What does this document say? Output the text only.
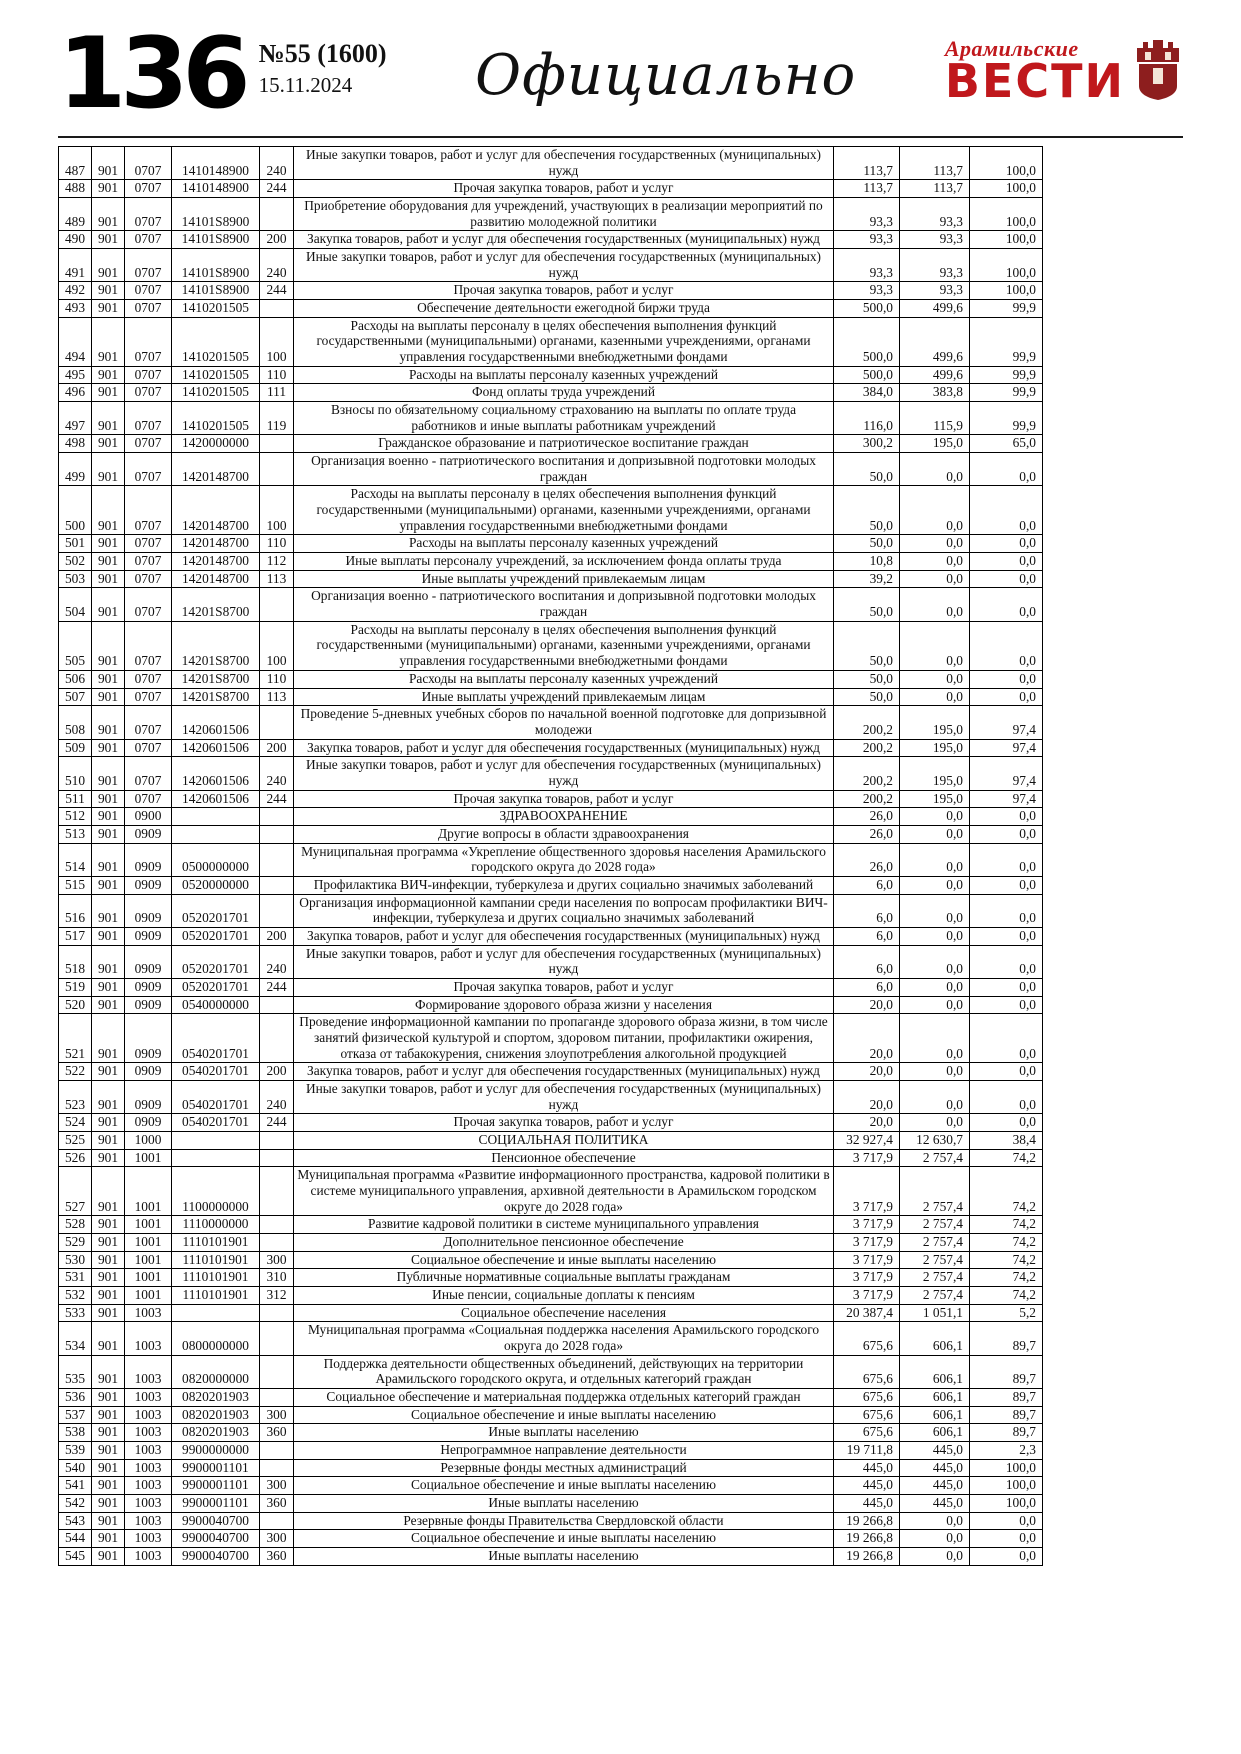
136 №55 (1600)
15.11.2024	Официально	Арамильские
ВЕСТИ
487	901	0707	1410148900	240	Иные закупки товаров, работ и услуг для обеспечения государственных (муниципальных) нужд	113,7	113,7	100,0
488	901	0707	1410148900	244	Прочая закупка товаров, работ и услуг	113,7	113,7	100,0
489	901	0707	14101S8900		Приобретение оборудования для учреждений, участвующих в реализации мероприятий по развитию молодежной политики	93,3	93,3	100,0
490	901	0707	14101S8900	200	Закупка товаров, работ и услуг для обеспечения государственных (муниципальных) нужд	93,3	93,3	100,0
491	901	0707	14101S8900	240	Иные закупки товаров, работ и услуг для обеспечения государственных (муниципальных) нужд	93,3	93,3	100,0
492	901	0707	14101S8900	244	Прочая закупка товаров, работ и услуг	93,3	93,3	100,0
493	901	0707	1410201505		Обеспечение деятельности ежегодной биржи труда	500,0	499,6	99,9
494	901	0707	1410201505	100	Расходы на выплаты персоналу в целях обеспечения выполнения функций государственными (муниципальными) органами, казенными учреждениями, органами управления государственными внебюджетными фондами	500,0	499,6	99,9
495	901	0707	1410201505	110	Расходы на выплаты персоналу казенных учреждений	500,0	499,6	99,9
496	901	0707	1410201505	111	Фонд оплаты труда учреждений	384,0	383,8	99,9
497	901	0707	1410201505	119	Взносы по обязательному социальному страхованию на выплаты по оплате труда работников и иные выплаты работникам учреждений	116,0	115,9	99,9
498	901	0707	1420000000		Гражданское образование и патриотическое воспитание граждан	300,2	195,0	65,0
499	901	0707	1420148700		Организация военно - патриотического воспитания и допризывной подготовки молодых граждан	50,0	0,0	0,0
500	901	0707	1420148700	100	Расходы на выплаты персоналу в целях обеспечения выполнения функций государственными (муниципальными) органами, казенными учреждениями, органами управления государственными внебюджетными фондами	50,0	0,0	0,0
501	901	0707	1420148700	110	Расходы на выплаты персоналу казенных учреждений	50,0	0,0	0,0
502	901	0707	1420148700	112	Иные выплаты персоналу учреждений, за исключением фонда оплаты труда	10,8	0,0	0,0
503	901	0707	1420148700	113	Иные выплаты учреждений привлекаемым лицам	39,2	0,0	0,0
504	901	0707	14201S8700		Организация военно - патриотического воспитания и допризывной подготовки молодых граждан	50,0	0,0	0,0
505	901	0707	14201S8700	100	Расходы на выплаты персоналу в целях обеспечения выполнения функций государственными (муниципальными) органами, казенными учреждениями, органами управления государственными внебюджетными фондами	50,0	0,0	0,0
506	901	0707	14201S8700	110	Расходы на выплаты персоналу казенных учреждений	50,0	0,0	0,0
507	901	0707	14201S8700	113	Иные выплаты учреждений привлекаемым лицам	50,0	0,0	0,0
508	901	0707	1420601506		Проведение 5-дневных учебных сборов по начальной военной подготовке для допризывной молодежи	200,2	195,0	97,4
509	901	0707	1420601506	200	Закупка товаров, работ и услуг для обеспечения государственных (муниципальных) нужд	200,2	195,0	97,4
510	901	0707	1420601506	240	Иные закупки товаров, работ и услуг для обеспечения государственных (муниципальных) нужд	200,2	195,0	97,4
511	901	0707	1420601506	244	Прочая закупка товаров, работ и услуг	200,2	195,0	97,4
512	901	0900			ЗДРАВООХРАНЕНИЕ	26,0	0,0	0,0
513	901	0909			Другие вопросы в области здравоохранения	26,0	0,0	0,0
514	901	0909	0500000000		Муниципальная программа «Укрепление общественного здоровья населения Арамильского городского округа до 2028 года»	26,0	0,0	0,0
515	901	0909	0520000000		Профилактика ВИЧ-инфекции, туберкулеза и других социально значимых заболеваний	6,0	0,0	0,0
516	901	0909	0520201701		Организация информационной кампании среди населения по вопросам профилактики ВИЧ-инфекции, туберкулеза и других социально значимых заболеваний	6,0	0,0	0,0
517	901	0909	0520201701	200	Закупка товаров, работ и услуг для обеспечения государственных (муниципальных) нужд	6,0	0,0	0,0
518	901	0909	0520201701	240	Иные закупки товаров, работ и услуг для обеспечения государственных (муниципальных) нужд	6,0	0,0	0,0
519	901	0909	0520201701	244	Прочая закупка товаров, работ и услуг	6,0	0,0	0,0
520	901	0909	0540000000		Формирование здорового образа жизни у населения	20,0	0,0	0,0
521	901	0909	0540201701		Проведение информационной кампании по пропаганде здорового образа жизни, в том числе занятий физической культурой и спортом, здоровом питании, профилактики ожирения, отказа от табакокурения, снижения злоупотребления алкогольной продукцией	20,0	0,0	0,0
522	901	0909	0540201701	200	Закупка товаров, работ и услуг для обеспечения государственных (муниципальных) нужд	20,0	0,0	0,0
523	901	0909	0540201701	240	Иные закупки товаров, работ и услуг для обеспечения государственных (муниципальных) нужд	20,0	0,0	0,0
524	901	0909	0540201701	244	Прочая закупка товаров, работ и услуг	20,0	0,0	0,0
525	901	1000			СОЦИАЛЬНАЯ ПОЛИТИКА	32 927,4	12 630,7	38,4
526	901	1001			Пенсионное обеспечение	3 717,9	2 757,4	74,2
527	901	1001	1100000000		Муниципальная программа «Развитие информационного пространства, кадровой политики в системе муниципального управления, архивной деятельности в Арамильском городском округе до 2028 года»	3 717,9	2 757,4	74,2
528	901	1001	1110000000		Развитие кадровой политики в системе муниципального управления	3 717,9	2 757,4	74,2
529	901	1001	1110101901		Дополнительное пенсионное обеспечение	3 717,9	2 757,4	74,2
530	901	1001	1110101901	300	Социальное обеспечение и иные выплаты населению	3 717,9	2 757,4	74,2
531	901	1001	1110101901	310	Публичные нормативные социальные выплаты гражданам	3 717,9	2 757,4	74,2
532	901	1001	1110101901	312	Иные пенсии, социальные доплаты к пенсиям	3 717,9	2 757,4	74,2
533	901	1003			Социальное обеспечение населения	20 387,4	1 051,1	5,2
534	901	1003	0800000000		Муниципальная программа «Социальная поддержка населения Арамильского городского округа до 2028 года»	675,6	606,1	89,7
535	901	1003	0820000000		Поддержка деятельности общественных объединений, действующих на территории Арамильского городского округа, и отдельных категорий граждан	675,6	606,1	89,7
536	901	1003	0820201903		Социальное обеспечение и материальная поддержка отдельных категорий граждан	675,6	606,1	89,7
537	901	1003	0820201903	300	Социальное обеспечение и иные выплаты населению	675,6	606,1	89,7
538	901	1003	0820201903	360	Иные выплаты населению	675,6	606,1	89,7
539	901	1003	9900000000		Непрограммное направление деятельности	19 711,8	445,0	2,3
540	901	1003	9900001101		Резервные фонды местных администраций	445,0	445,0	100,0
541	901	1003	9900001101	300	Социальное обеспечение и иные выплаты населению	445,0	445,0	100,0
542	901	1003	9900001101	360	Иные выплаты населению	445,0	445,0	100,0
543	901	1003	9900040700		Резервные фонды Правительства Свердловской области	19 266,8	0,0	0,0
544	901	1003	9900040700	300	Социальное обеспечение и иные выплаты населению	19 266,8	0,0	0,0
545	901	1003	9900040700	360	Иные выплаты населению	19 266,8	0,0	0,0
